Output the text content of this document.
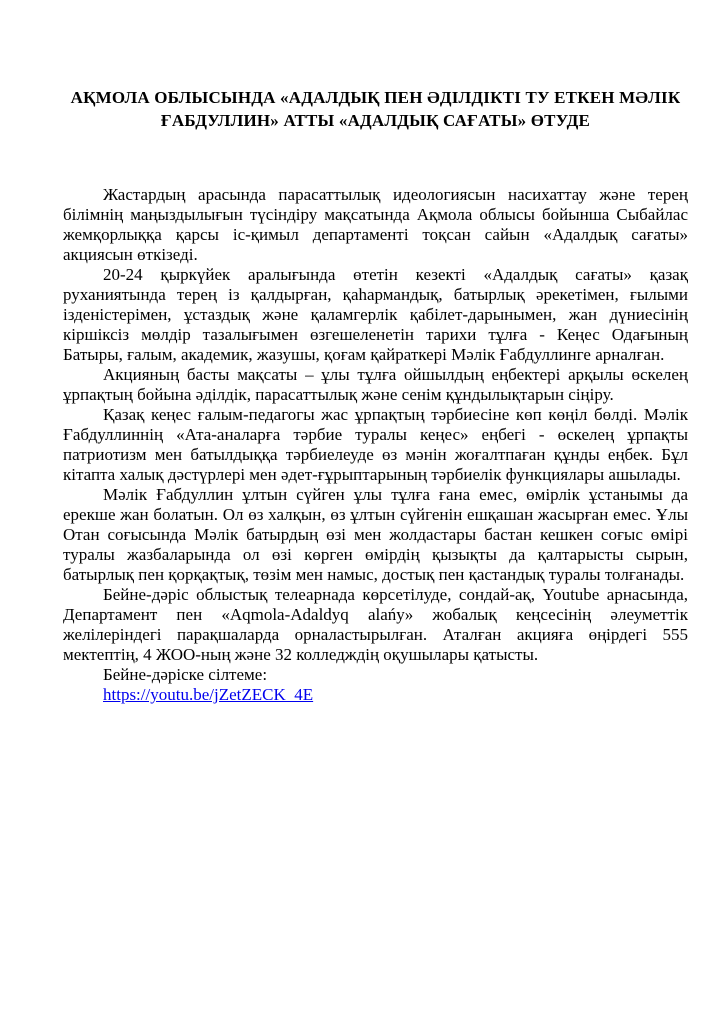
АҚМОЛА ОБЛЫСЫНДА «АДАЛДЫҚ ПЕН ӘДІЛДІКТІ ТУ ЕТКЕН МӘЛІК ҒАБДУЛЛИН» АТТЫ «АДАЛДЫҚ САҒАТЫ» ӨТУДЕ

Жастардың арасында парасаттылық идеологиясын насихаттау және терең білімнің маңыздылығын түсіндіру мақсатында Ақмола облысы бойынша Сыбайлас жемқорлыққа қарсы іс-қимыл департаменті тоқсан сайын «Адалдық сағаты» акциясын өткізеді.

20-24 қыркүйек аралығында өтетін кезекті «Адалдық сағаты» қазақ руханиятында терең із қалдырған, қаһармандық, батырлық әрекетімен, ғылыми ізденістерімен, ұстаздық және қаламгерлік қабілет-дарынымен, жан дүниесінің кіршіксіз мөлдір тазалығымен өзгешеленетін тарихи тұлға - Кеңес Одағының Батыры, ғалым, академик, жазушы, қоғам қайраткері Мәлік Ғабдуллинге арналған.

Акцияның басты мақсаты – ұлы тұлға ойшылдың еңбектері арқылы өскелең ұрпақтың бойына әділдік, парасаттылық және сенім құндылықтарын сіңіру.

Қазақ кеңес ғалым-педагогы жас ұрпақтың тәрбиесіне көп көңіл бөлді. Мәлік Ғабдуллиннің «Ата-аналарға тәрбие туралы кеңес» еңбегі - өскелең ұрпақты патриотизм мен батылдыққа тәрбиелеуде өз мәнін жоғалтпаған құнды еңбек. Бұл кітапта халық дәстүрлері мен әдет-ғұрыптарының тәрбиелік функциялары ашылады.

Мәлік Ғабдуллин ұлтын сүйген ұлы тұлға ғана емес, өмірлік ұстанымы да ерекше жан болатын. Ол өз халқын, өз ұлтын сүйгенін ешқашан жасырған емес. Ұлы Отан соғысында Мәлік батырдың өзі мен жолдастары бастан кешкен соғыс өмірі туралы жазбаларында ол өзі көрген өмірдің қызықты да қалтарысты сырын, батырлық пен қорқақтық, төзім мен намыс, достық пен қастандық туралы толғанады.

Бейне-дәріс облыстық телеарнада көрсетілуде, сондай-ақ, Youtube арнасында, Департамент пен «Aqmola-Adaldyq alańy» жобалық кеңсесінің әлеуметтік желілеріндегі парақшаларда орналастырылған. Аталған акцияға өңірдегі 555 мектептің, 4 ЖОО-ның және 32 колледждің оқушылары қатысты.

Бейне-дәріске сілтеме:

https://youtu.be/jZetZECK_4E
